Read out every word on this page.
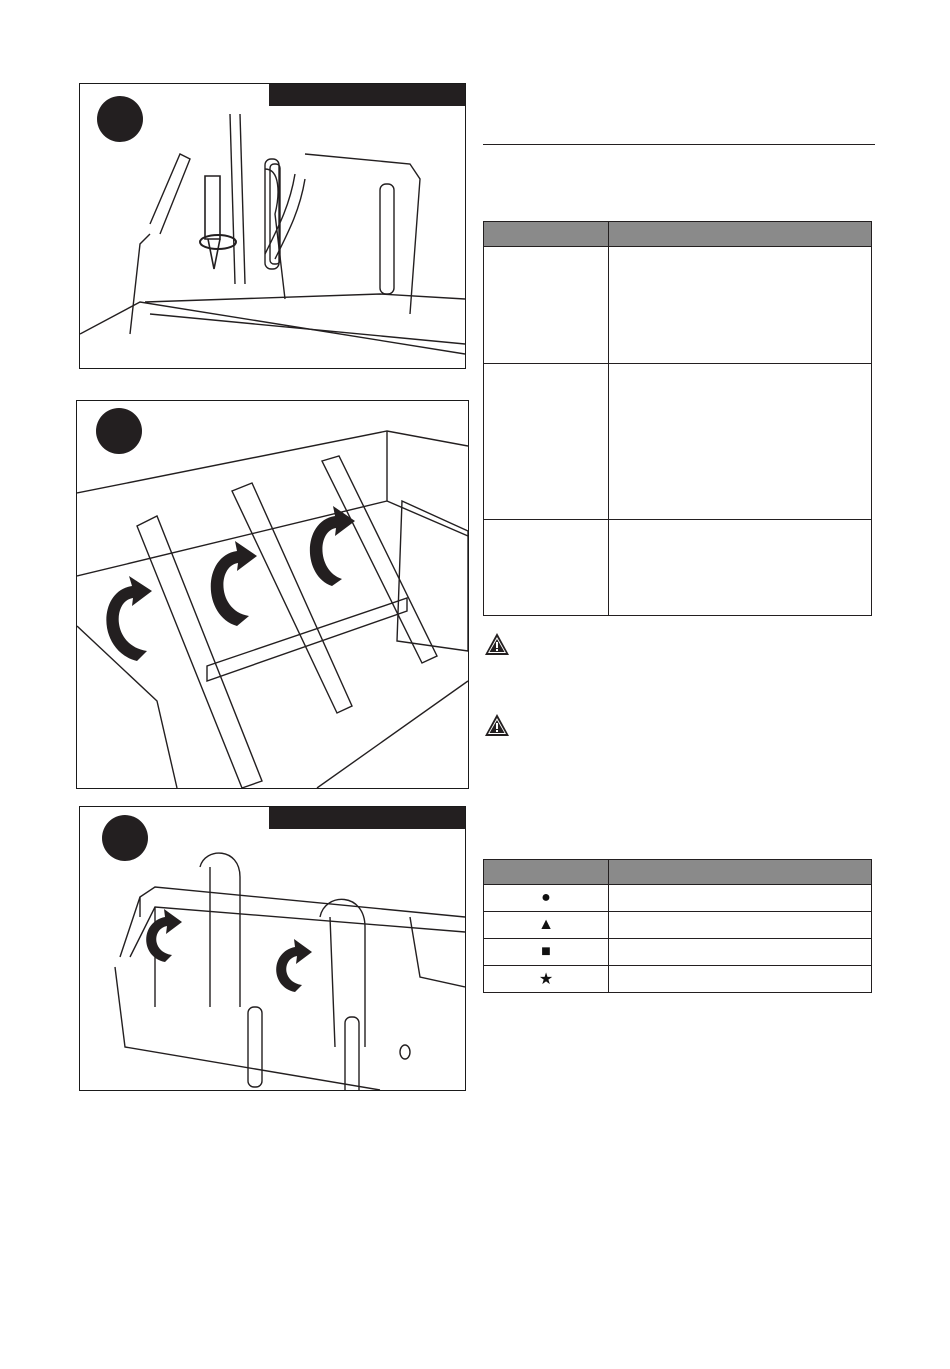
●	
▲	
■	
★	
